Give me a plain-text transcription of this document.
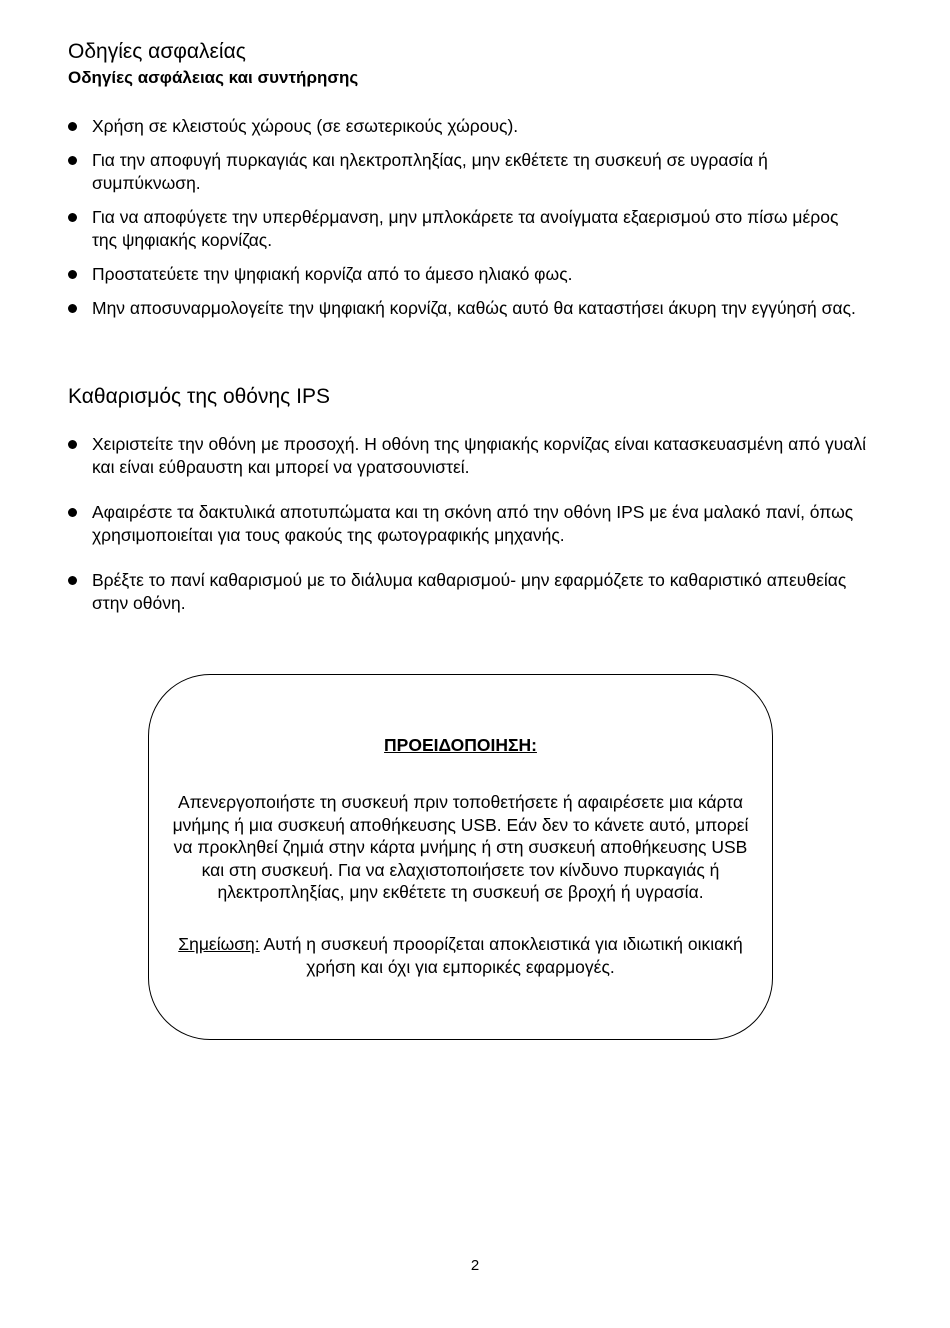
Οδηγίες ασφαλείας
Οδηγίες ασφάλειας και συντήρησης
Χρήση σε κλειστούς χώρους (σε εσωτερικούς χώρους).
Για την αποφυγή πυρκαγιάς και ηλεκτροπληξίας, μην εκθέτετε τη συσκευή σε υγρασία ή συμπύκνωση.
Για να αποφύγετε την υπερθέρμανση, μην μπλοκάρετε τα ανοίγματα εξαερισμού στο πίσω μέρος της ψηφιακής κορνίζας.
Προστατεύετε την ψηφιακή κορνίζα από το άμεσο ηλιακό φως.
Μην αποσυναρμολογείτε την ψηφιακή κορνίζα, καθώς αυτό θα καταστήσει άκυρη την εγγύησή σας.
Καθαρισμός της οθόνης IPS
Χειριστείτε την οθόνη με προσοχή. Η οθόνη της ψηφιακής κορνίζας είναι κατασκευασμένη από γυαλί και είναι εύθραυστη και μπορεί να γρατσουνιστεί.
Αφαιρέστε τα δακτυλικά αποτυπώματα και τη σκόνη από την οθόνη IPS με ένα μαλακό πανί, όπως χρησιμοποιείται για τους φακούς της φωτογραφικής μηχανής.
Βρέξτε το πανί καθαρισμού με το διάλυμα καθαρισμού- μην εφαρμόζετε το καθαριστικό απευθείας στην οθόνη.
ΠΡΟΕΙΔΟΠΟΙΗΣΗ:
Απενεργοποιήστε τη συσκευή πριν τοποθετήσετε ή αφαιρέσετε μια κάρτα μνήμης ή μια συσκευή αποθήκευσης USB. Εάν δεν το κάνετε αυτό, μπορεί να προκληθεί ζημιά στην κάρτα μνήμης ή στη συσκευή αποθήκευσης USB και στη συσκευή. Για να ελαχιστοποιήσετε τον κίνδυνο πυρκαγιάς ή ηλεκτροπληξίας, μην εκθέτετε τη συσκευή σε βροχή ή υγρασία.
Σημείωση: Αυτή η συσκευή προορίζεται αποκλειστικά για ιδιωτική οικιακή χρήση και όχι για εμπορικές εφαρμογές.
2
